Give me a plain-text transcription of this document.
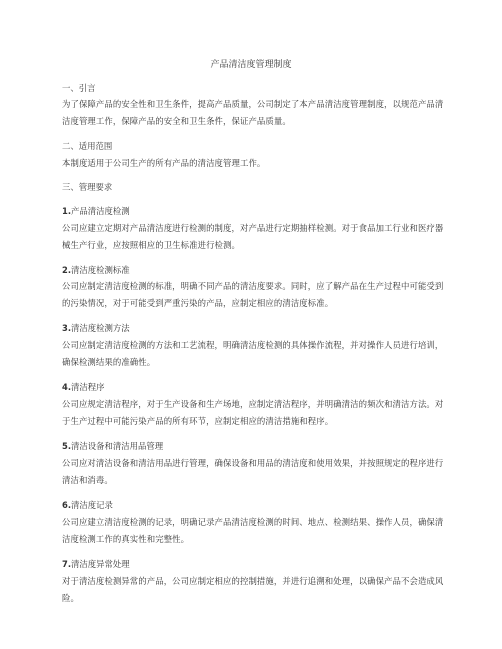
产品清洁度管理制度
一、引言
为了保障产品的安全性和卫生条件，提高产品质量，公司制定了本产品清洁度管理制度，以规范产品清洁度管理工作，保障产品的安全和卫生条件，保证产品质量。
二、适用范围
本制度适用于公司生产的所有产品的清洁度管理工作。
三、管理要求
1.产品清洁度检测
公司应建立定期对产品清洁度进行检测的制度，对产品进行定期抽样检测。对于食品加工行业和医疗器械生产行业，应按照相应的卫生标准进行检测。
2.清洁度检测标准
公司应制定清洁度检测的标准，明确不同产品的清洁度要求。同时，应了解产品在生产过程中可能受到的污染情况，对于可能受到严重污染的产品，应制定相应的清洁度标准。
3.清洁度检测方法
公司应制定清洁度检测的方法和工艺流程，明确清洁度检测的具体操作流程，并对操作人员进行培训，确保检测结果的准确性。
4.清洁程序
公司应规定清洁程序，对于生产设备和生产场地，应制定清洁程序，并明确清洁的频次和清洁方法。对于生产过程中可能污染产品的所有环节，应制定相应的清洁措施和程序。
5.清洁设备和清洁用品管理
公司应对清洁设备和清洁用品进行管理，确保设备和用品的清洁度和使用效果，并按照规定的程序进行清洁和消毒。
6.清洁度记录
公司应建立清洁度检测的记录，明确记录产品清洁度检测的时间、地点、检测结果、操作人员，确保清洁度检测工作的真实性和完整性。
7.清洁度异常处理
对于清洁度检测异常的产品，公司应制定相应的控制措施，并进行追溯和处理，以确保产品不会造成风险。
